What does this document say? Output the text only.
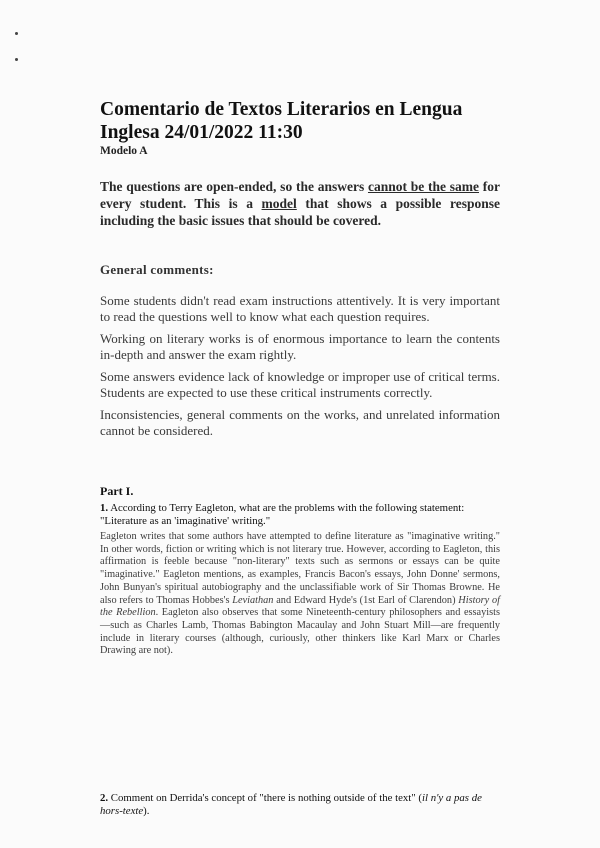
Comentario de Textos Literarios en Lengua Inglesa 24/01/2022 11:30
Modelo A
The questions are open-ended, so the answers cannot be the same for every student. This is a model that shows a possible response including the basic issues that should be covered.
General comments:

Some students didn't read exam instructions attentively. It is very important to read the questions well to know what each question requires.

Working on literary works is of enormous importance to learn the contents in-depth and answer the exam rightly.

Some answers evidence lack of knowledge or improper use of critical terms. Students are expected to use these critical instruments correctly.

Inconsistencies, general comments on the works, and unrelated information cannot be considered.

Part I.
1. According to Terry Eagleton, what are the problems with the following statement: "Literature as an 'imaginative' writing."
Eagleton writes that some authors have attempted to define literature as "imaginative writing." In other words, fiction or writing which is not literary true. However, according to Eagleton, this affirmation is feeble because "non-literary" texts such as sermons or essays can be quite "imaginative." Eagleton mentions, as examples, Francis Bacon's essays, John Donne' sermons, John Bunyan's spiritual autobiography and the unclassifiable work of Sir Thomas Browne. He also refers to Thomas Hobbes's Leviathan and Edward Hyde's (1st Earl of Clarendon) History of the Rebellion. Eagleton also observes that some Nineteenth-century philosophers and essayists—such as Charles Lamb, Thomas Babington Macaulay and John Stuart Mill—are frequently include in literary courses (although, curiously, other thinkers like Karl Marx or Charles Drawing are not).
2. Comment on Derrida's concept of "there is nothing outside of the text" (il n'y a pas de hors-texte).
